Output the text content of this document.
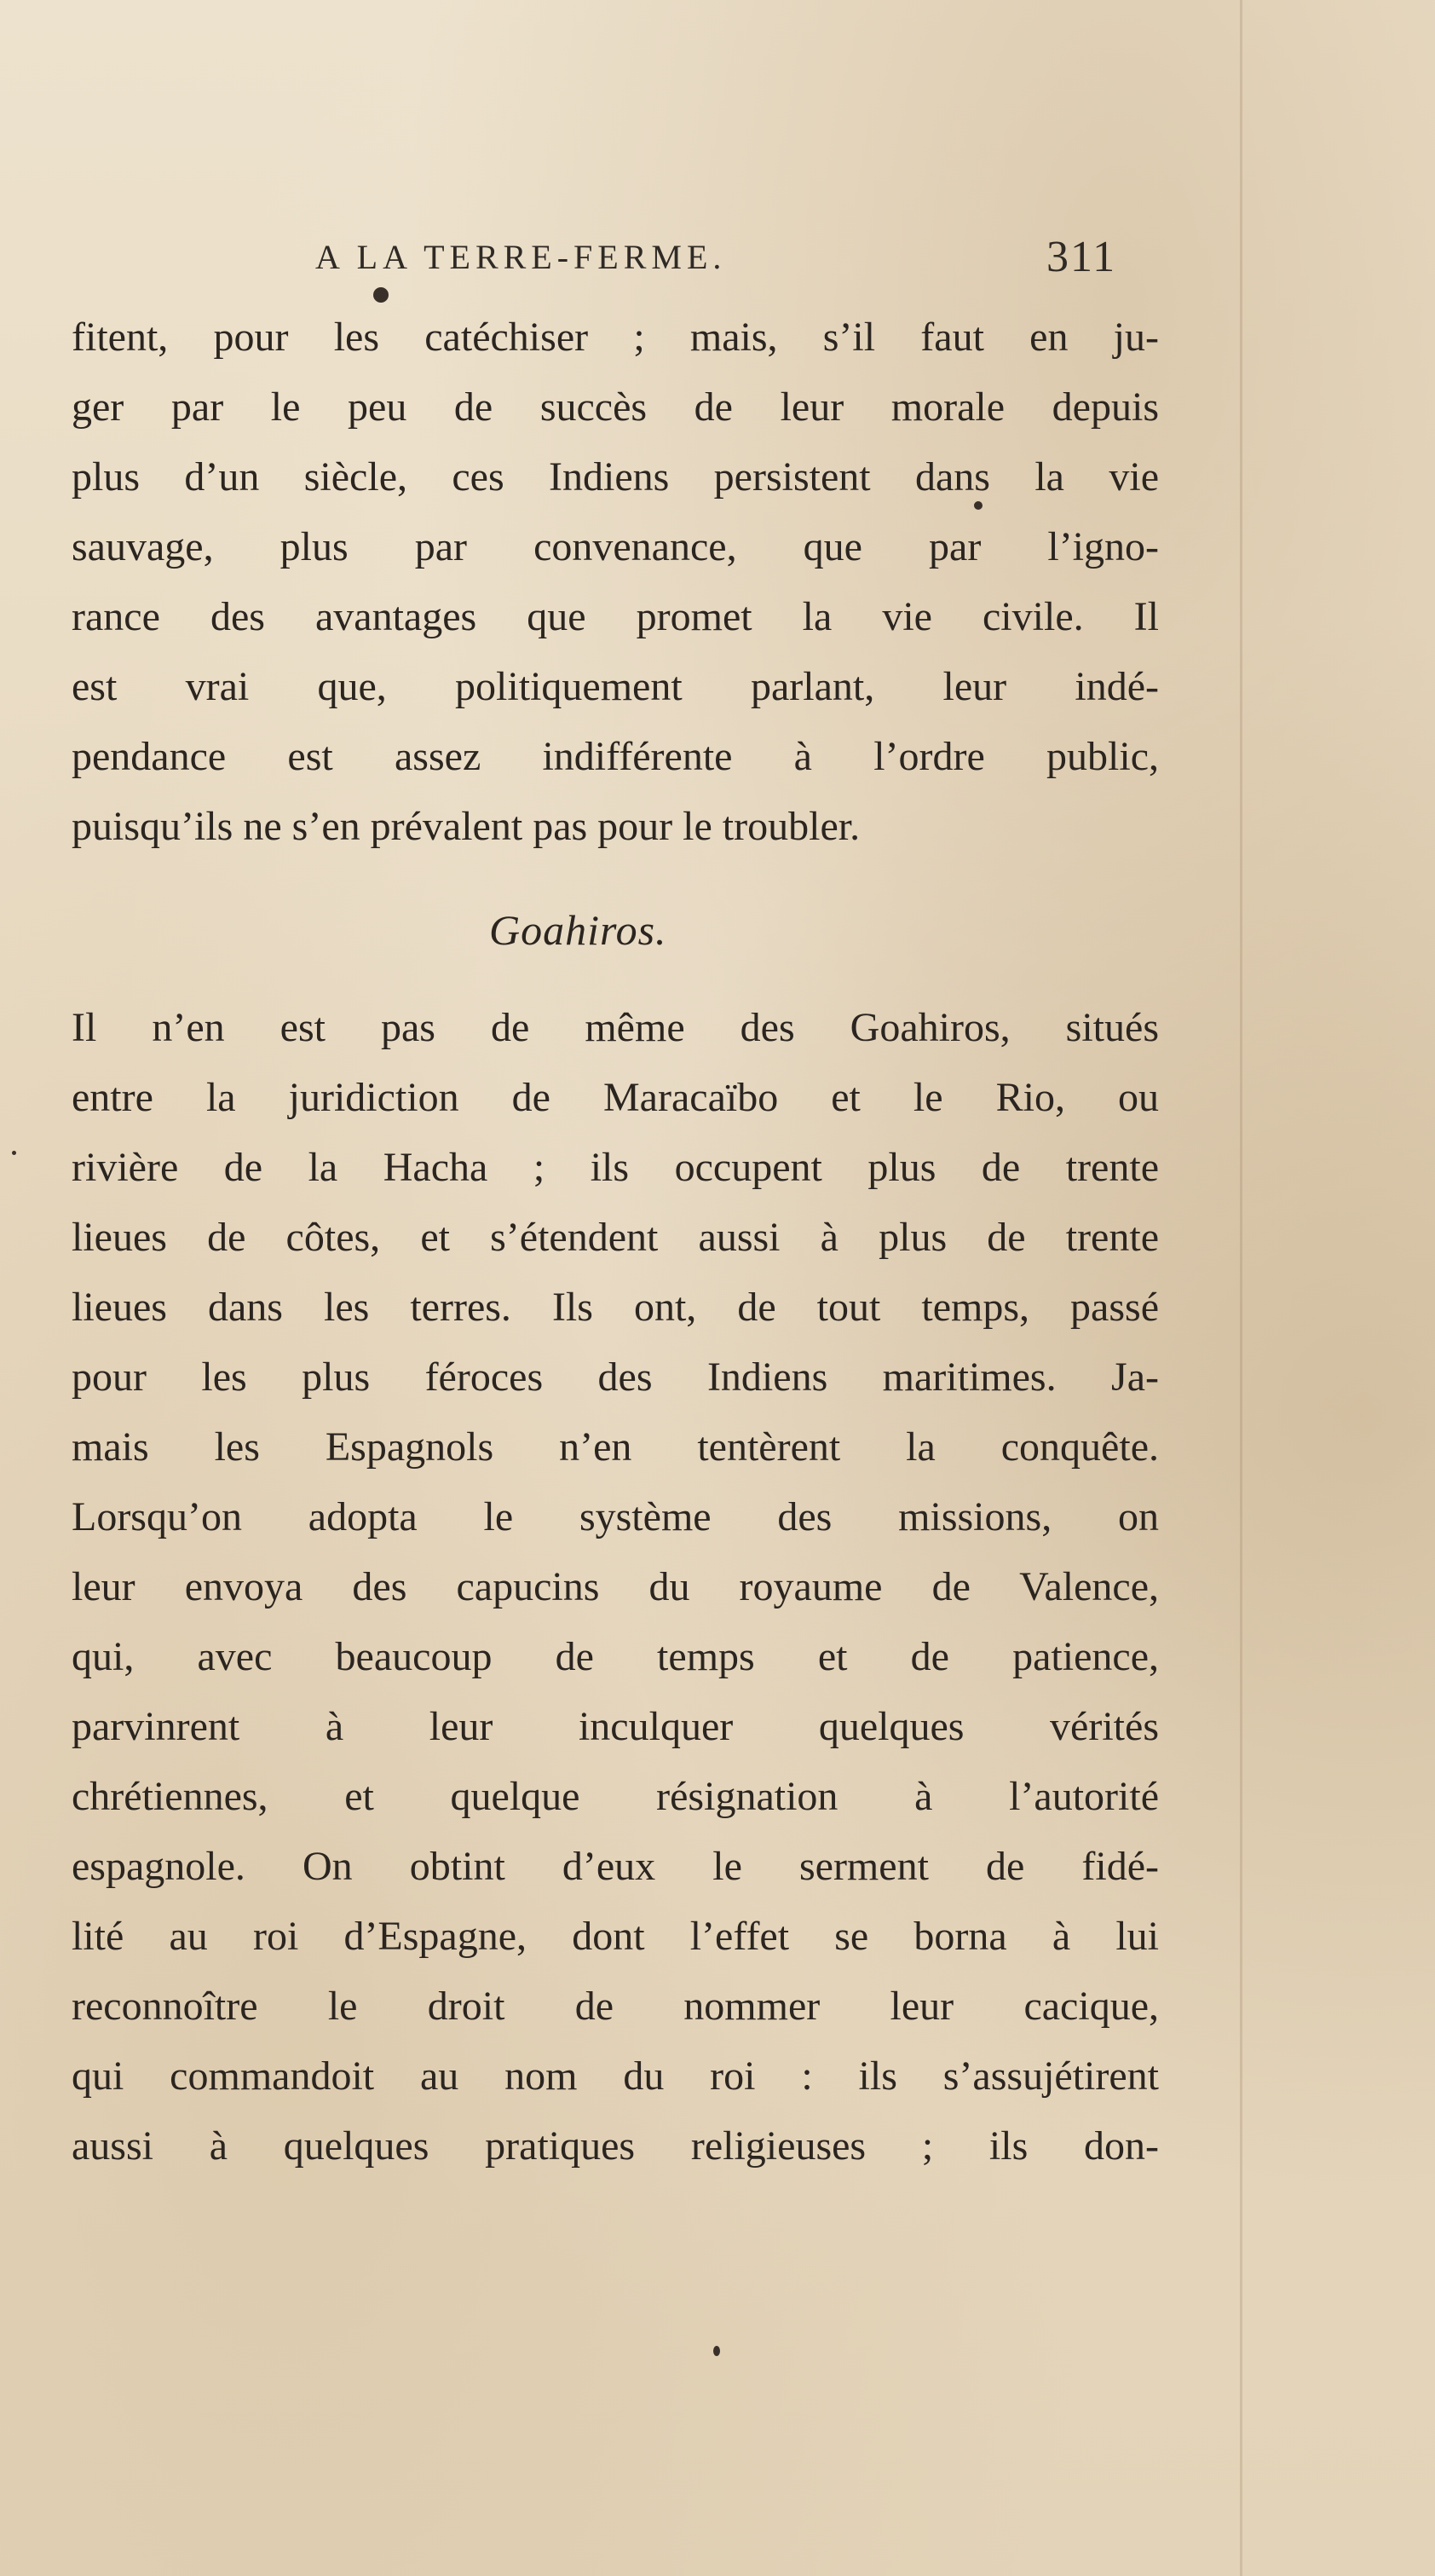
A LA TERRE-FERME.	311
fitent, pour les catéchiser ; mais, s’il faut en ju-
ger par le peu de succès de leur morale depuis
plus d’un siècle, ces Indiens persistent dans la vie
sauvage, plus par convenance, que par l’igno-
rance des avantages que promet la vie civile. Il
est vrai que, politiquement parlant, leur indé-
pendance est assez indifférente à l’ordre public,
puisqu’ils ne s’en prévalent pas pour le troubler.
Goahiros.
Il n’en est pas de même des Goahiros, situés
entre la juridiction de Maracaïbo et le Rio, ou
rivière de la Hacha ; ils occupent plus de trente
lieues de côtes, et s’étendent aussi à plus de trente
lieues dans les terres. Ils ont, de tout temps, passé
pour les plus féroces des Indiens maritimes. Ja-
mais les Espagnols n’en tentèrent la conquête.
Lorsqu’on adopta le système des missions, on
leur envoya des capucins du royaume de Valence,
qui, avec beaucoup de temps et de patience,
parvinrent à leur inculquer quelques vérités
chrétiennes, et quelque résignation à l’autorité
espagnole. On obtint d’eux le serment de fidé-
lité au roi d’Espagne, dont l’effet se borna à lui
reconnoître le droit de nommer leur cacique,
qui commandoit au nom du roi : ils s’assujétirent
aussi à quelques pratiques religieuses ; ils don-
